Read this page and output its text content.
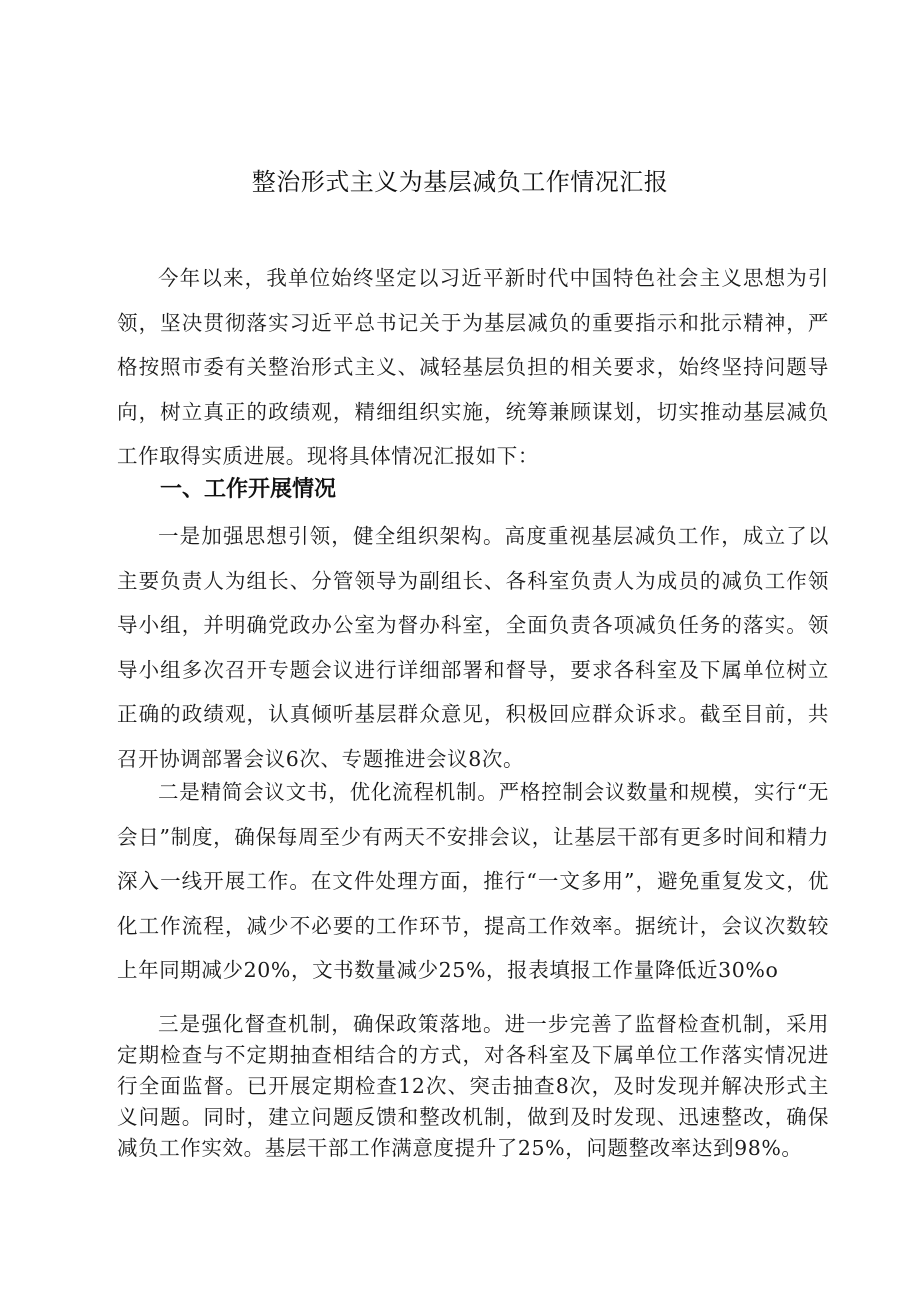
整治形式主义为基层减负工作情况汇报

今年以来，我单位始终坚定以习近平新时代中国特色社会主义思想为引领，坚决贯彻落实习近平总书记关于为基层减负的重要指示和批示精神，严格按照市委有关整治形式主义、减轻基层负担的相关要求，始终坚持问题导向，树立真正的政绩观，精细组织实施，统筹兼顾谋划，切实推动基层减负工作取得实质进展。现将具体情况汇报如下：

一、工作开展情况

一是加强思想引领，健全组织架构。高度重视基层减负工作，成立了以主要负责人为组长、分管领导为副组长、各科室负责人为成员的减负工作领导小组，并明确党政办公室为督办科室，全面负责各项减负任务的落实。领导小组多次召开专题会议进行详细部署和督导，要求各科室及下属单位树立正确的政绩观，认真倾听基层群众意见，积极回应群众诉求。截至目前，共召开协调部署会议6次、专题推进会议8次。

二是精简会议文书，优化流程机制。严格控制会议数量和规模，实行“无会日”制度，确保每周至少有两天不安排会议，让基层干部有更多时间和精力深入一线开展工作。在文件处理方面，推行“一文多用”，避免重复发文，优化工作流程，减少不必要的工作环节，提高工作效率。据统计，会议次数较上年同期减少20%，文书数量减少25%，报表填报工作量降低近30%o

三是强化督查机制，确保政策落地。进一步完善了监督检查机制，采用定期检查与不定期抽查相结合的方式，对各科室及下属单位工作落实情况进行全面监督。已开展定期检查12次、突击抽查8次，及时发现并解决形式主义问题。同时，建立问题反馈和整改机制，做到及时发现、迅速整改，确保减负工作实效。基层干部工作满意度提升了25%，问题整改率达到98%。
